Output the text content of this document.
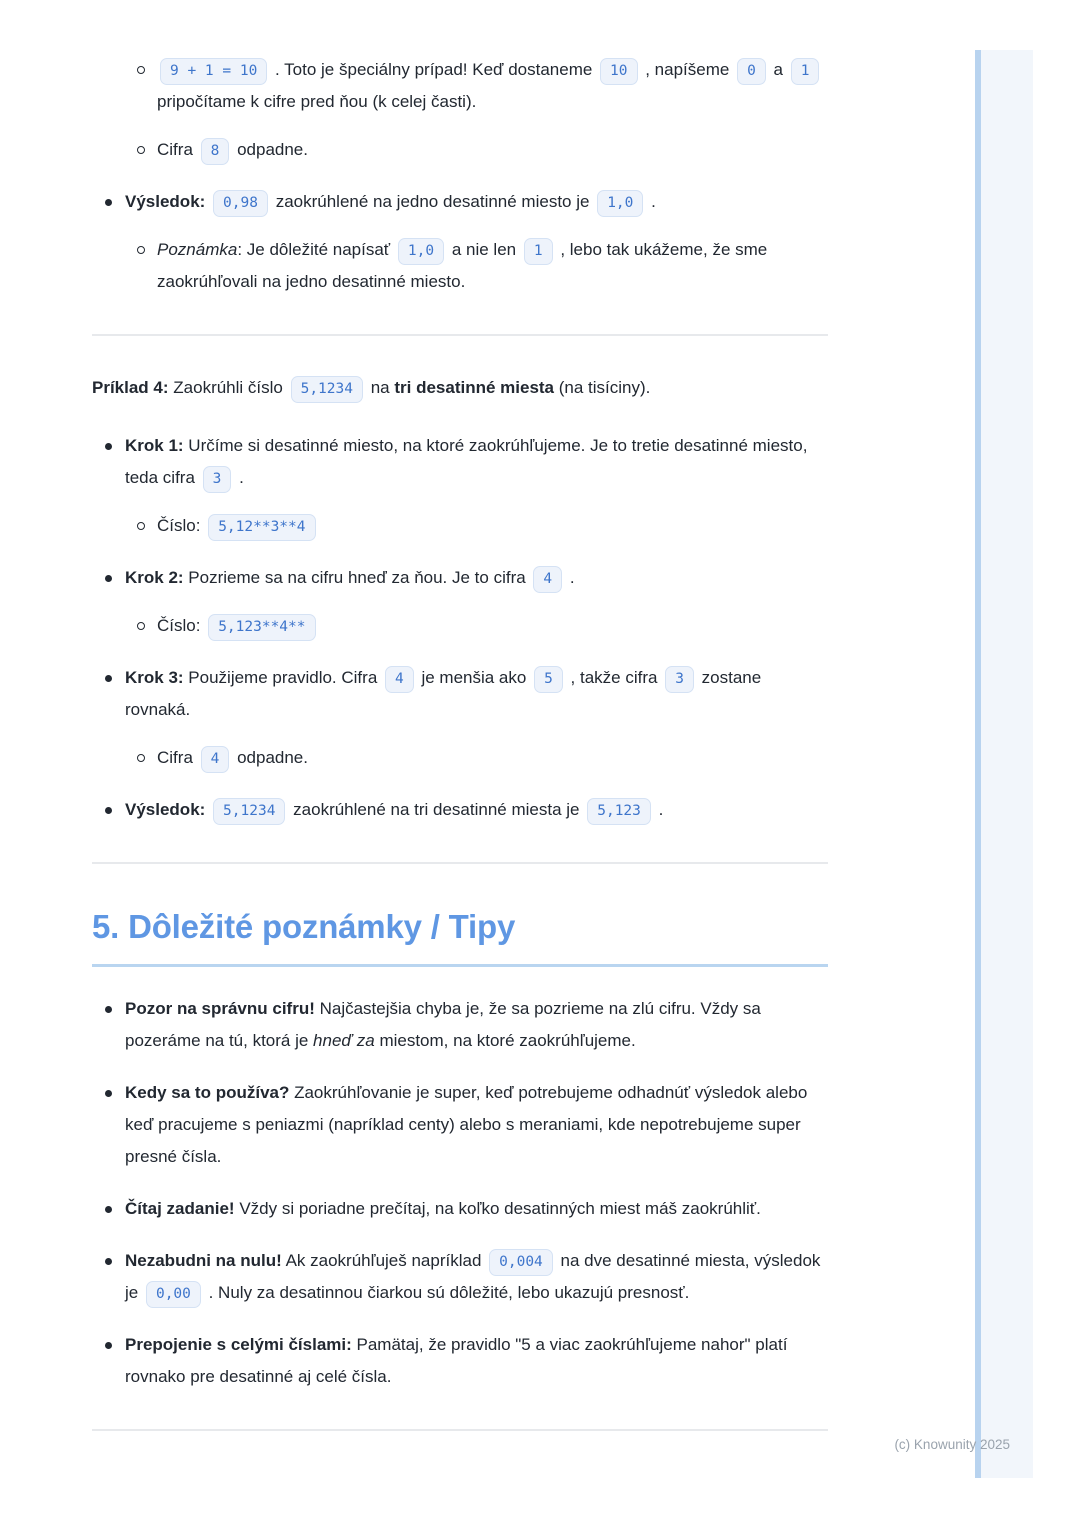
9 + 1 = 10 . Toto je špeciálny prípad! Keď dostaneme 10 , napíšeme 0 a 1 pripočítame k cifre pred ňou (k celej časti).
Cifra 8 odpadne.
Výsledok: 0,98 zaokrúhlené na jedno desatinné miesto je 1,0 .
Poznámka: Je dôležité napísať 1,0 a nie len 1 , lebo tak ukážeme, že sme zaokrúhľovali na jedno desatinné miesto.

Príklad 4: Zaokrúhli číslo 5,1234 na tri desatinné miesta (na tisíciny).

Krok 1: Určíme si desatinné miesto, na ktoré zaokrúhľujeme. Je to tretie desatinné miesto, teda cifra 3 .
Číslo: 5,12**3**4
Krok 2: Pozrieme sa na cifru hneď za ňou. Je to cifra 4 .
Číslo: 5,123**4**
Krok 3: Použijeme pravidlo. Cifra 4 je menšia ako 5 , takže cifra 3 zostane rovnaká.
Cifra 4 odpadne.
Výsledok: 5,1234 zaokrúhlené na tri desatinné miesta je 5,123 .
5. Dôležité poznámky / Tipy
Pozor na správnu cifru! Najčastejšia chyba je, že sa pozrieme na zlú cifru. Vždy sa pozeráme na tú, ktorá je hneď za miestom, na ktoré zaokrúhľujeme.
Kedy sa to používa? Zaokrúhľovanie je super, keď potrebujeme odhadnúť výsledok alebo keď pracujeme s peniazmi (napríklad centy) alebo s meraniami, kde nepotrebujeme super presné čísla.
Čítaj zadanie! Vždy si poriadne prečítaj, na koľko desatinných miest máš zaokrúhliť.
Nezabudni na nulu! Ak zaokrúhľuješ napríklad 0,004 na dve desatinné miesta, výsledok je 0,00 . Nuly za desatinnou čiarkou sú dôležité, lebo ukazujú presnosť.
Prepojenie s celými číslami: Pamätaj, že pravidlo "5 a viac zaokrúhľujeme nahor" platí rovnako pre desatinné aj celé čísla.
(c) Knowunity 2025
